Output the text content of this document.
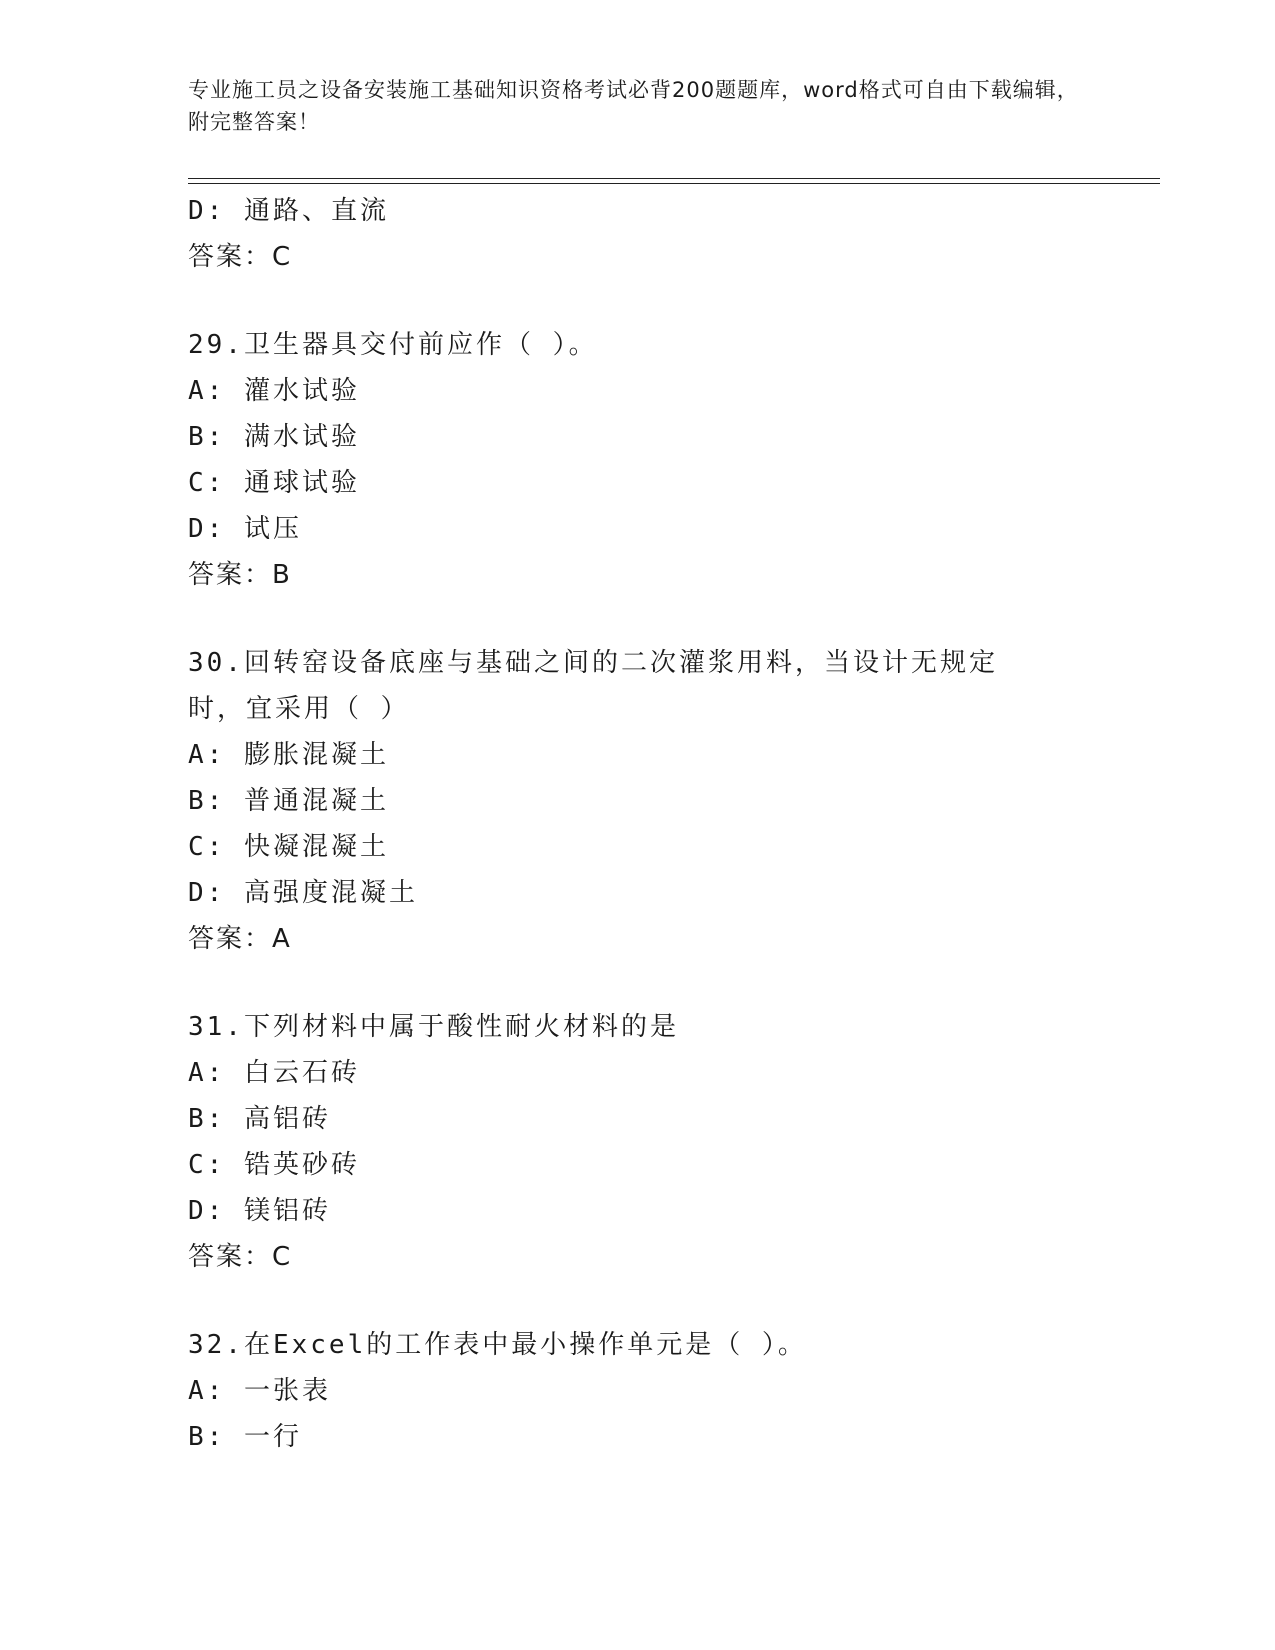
专业施工员之设备安装施工基础知识资格考试必背200题题库，word格式可自由下载编辑，附完整答案！
D: 通路、直流
答案：C
29.卫生器具交付前应作（ ）。
A: 灌水试验
B: 满水试验
C: 通球试验
D: 试压
答案：B
30.回转窑设备底座与基础之间的二次灌浆用料，当设计无规定时，宜采用（ ）
A: 膨胀混凝土
B: 普通混凝土
C: 快凝混凝土
D: 高强度混凝土
答案：A
31.下列材料中属于酸性耐火材料的是
A: 白云石砖
B: 高铝砖
C: 锆英砂砖
D: 镁铝砖
答案：C
32.在Excel的工作表中最小操作单元是（ ）。
A: 一张表
B: 一行
